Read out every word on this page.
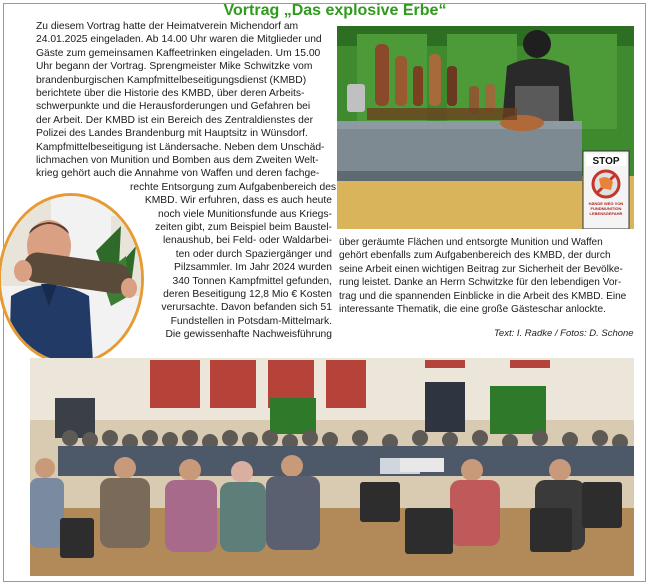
Vortrag „Das explosive Erbe“
Zu diesem Vortrag hatte der Heimatverein Michendorf am
24.01.2025 eingeladen. Ab 14.00 Uhr waren die Mitglieder und
Gäste zum gemeinsamen Kaffeetrinken eingeladen. Um 15.00
Uhr begann der Vortrag. Sprengmeister Mike Schwitzke vom
brandenburgischen Kampfmittelbeseitigungsdienst (KMBD)
berichtete über die Historie des KMBD, über deren Arbeits-
schwerpunkte und die Herausforderungen und Gefahren bei
der Arbeit. Der KMBD ist ein Bereich des Zentraldienstes der
Polizei des Landes Brandenburg mit Hauptsitz in Wünsdorf.
Kampfmittelbeseitigung ist Ländersache. Neben dem Unschäd-
lichmachen von Munition und Bomben aus dem Zweiten Welt-
krieg gehört auch die Annahme von Waffen und deren fachge-
rechte Entsorgung zum Aufgabenbereich des
KMBD. Wir erfuhren, dass es auch heute
noch viele Munitionsfunde aus Kriegs-
zeiten gibt, zum Beispiel beim Baustel-
lenaushub, bei Feld- oder Waldarbei-
ten oder durch Spaziergänger und
Pilzsammler. Im Jahr 2024 wurden
340 Tonnen Kampfmittel gefunden,
deren Beseitigung 12,8 Mio € Kosten
verursachte. Davon befanden sich 51
Fundstellen in Potsdam-Mittelmark.
Die gewissenhafte Nachweisführung
über geräumte Flächen und entsorgte Munition und Waffen
gehört ebenfalls zum Aufgabenbereich des KMBD, der durch
seine Arbeit einen wichtigen Beitrag zur Sicherheit der Bevölke-
rung leistet. Danke an Herrn Schwitzke für den lebendigen Vor-
trag und die spannenden Einblicke in die Arbeit des KMBD. Eine
interessante Thematik, die eine große Gästeschar anlockte.
Text: I. Radke / Fotos: D. Schone
STOP
HÄNDE WEG VON FUNDMUNITION LEBENSGEFAHR
